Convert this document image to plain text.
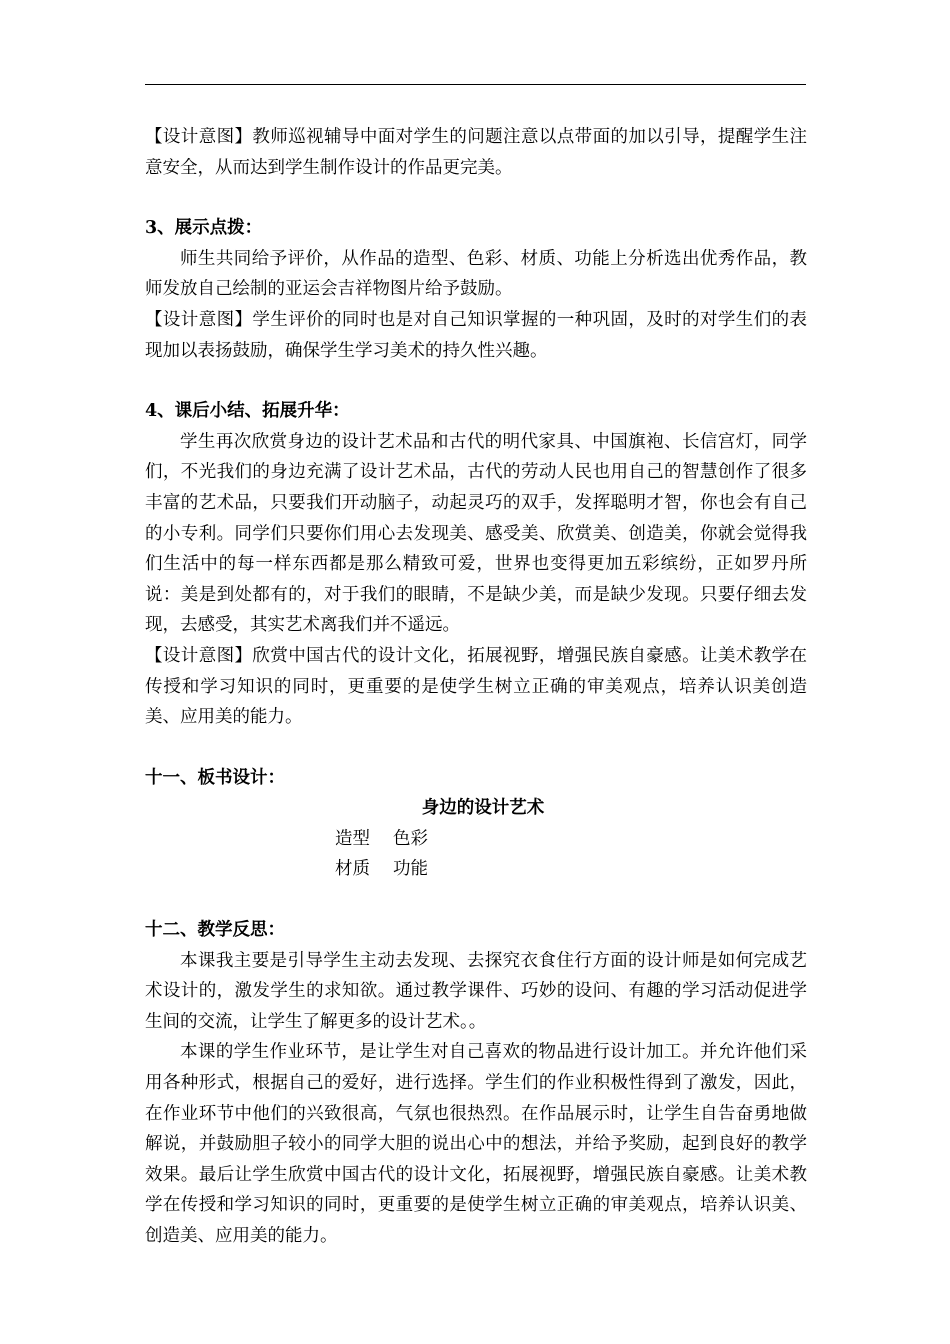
【设计意图】教师巡视辅导中面对学生的问题注意以点带面的加以引导，提醒学生注意安全，从而达到学生制作设计的作品更完美。

3、展示点拨：

师生共同给予评价，从作品的造型、色彩、材质、功能上分析选出优秀作品，教师发放自己绘制的亚运会吉祥物图片给予鼓励。

【设计意图】学生评价的同时也是对自己知识掌握的一种巩固，及时的对学生们的表现加以表扬鼓励，确保学生学习美术的持久性兴趣。

4、课后小结、拓展升华：

学生再次欣赏身边的设计艺术品和古代的明代家具、中国旗袍、长信宫灯，同学们，不光我们的身边充满了设计艺术品，古代的劳动人民也用自己的智慧创作了很多丰富的艺术品，只要我们开动脑子，动起灵巧的双手，发挥聪明才智，你也会有自己的小专利。同学们只要你们用心去发现美、感受美、欣赏美、创造美，你就会觉得我们生活中的每一样东西都是那么精致可爱，世界也变得更加五彩缤纷，正如罗丹所说：美是到处都有的，对于我们的眼睛，不是缺少美，而是缺少发现。只要仔细去发现，去感受，其实艺术离我们并不遥远。

【设计意图】欣赏中国古代的设计文化，拓展视野，增强民族自豪感。让美术教学在传授和学习知识的同时，更重要的是使学生树立正确的审美观点，培养认识美创造美、应用美的能力。

十一、板书设计：

身边的设计艺术

造型 色彩

材质 功能

十二、教学反思：

本课我主要是引导学生主动去发现、去探究衣食住行方面的设计师是如何完成艺术设计的，激发学生的求知欲。通过教学课件、巧妙的设问、有趣的学习活动促进学生间的交流，让学生了解更多的设计艺术。。

本课的学生作业环节，是让学生对自己喜欢的物品进行设计加工。并允许他们采用各种形式，根据自己的爱好，进行选择。学生们的作业积极性得到了激发，因此，在作业环节中他们的兴致很高，气氛也很热烈。在作品展示时，让学生自告奋勇地做解说，并鼓励胆子较小的同学大胆的说出心中的想法，并给予奖励，起到良好的教学效果。最后让学生欣赏中国古代的设计文化，拓展视野，增强民族自豪感。让美术教学在传授和学习知识的同时，更重要的是使学生树立正确的审美观点，培养认识美、创造美、应用美的能力。
